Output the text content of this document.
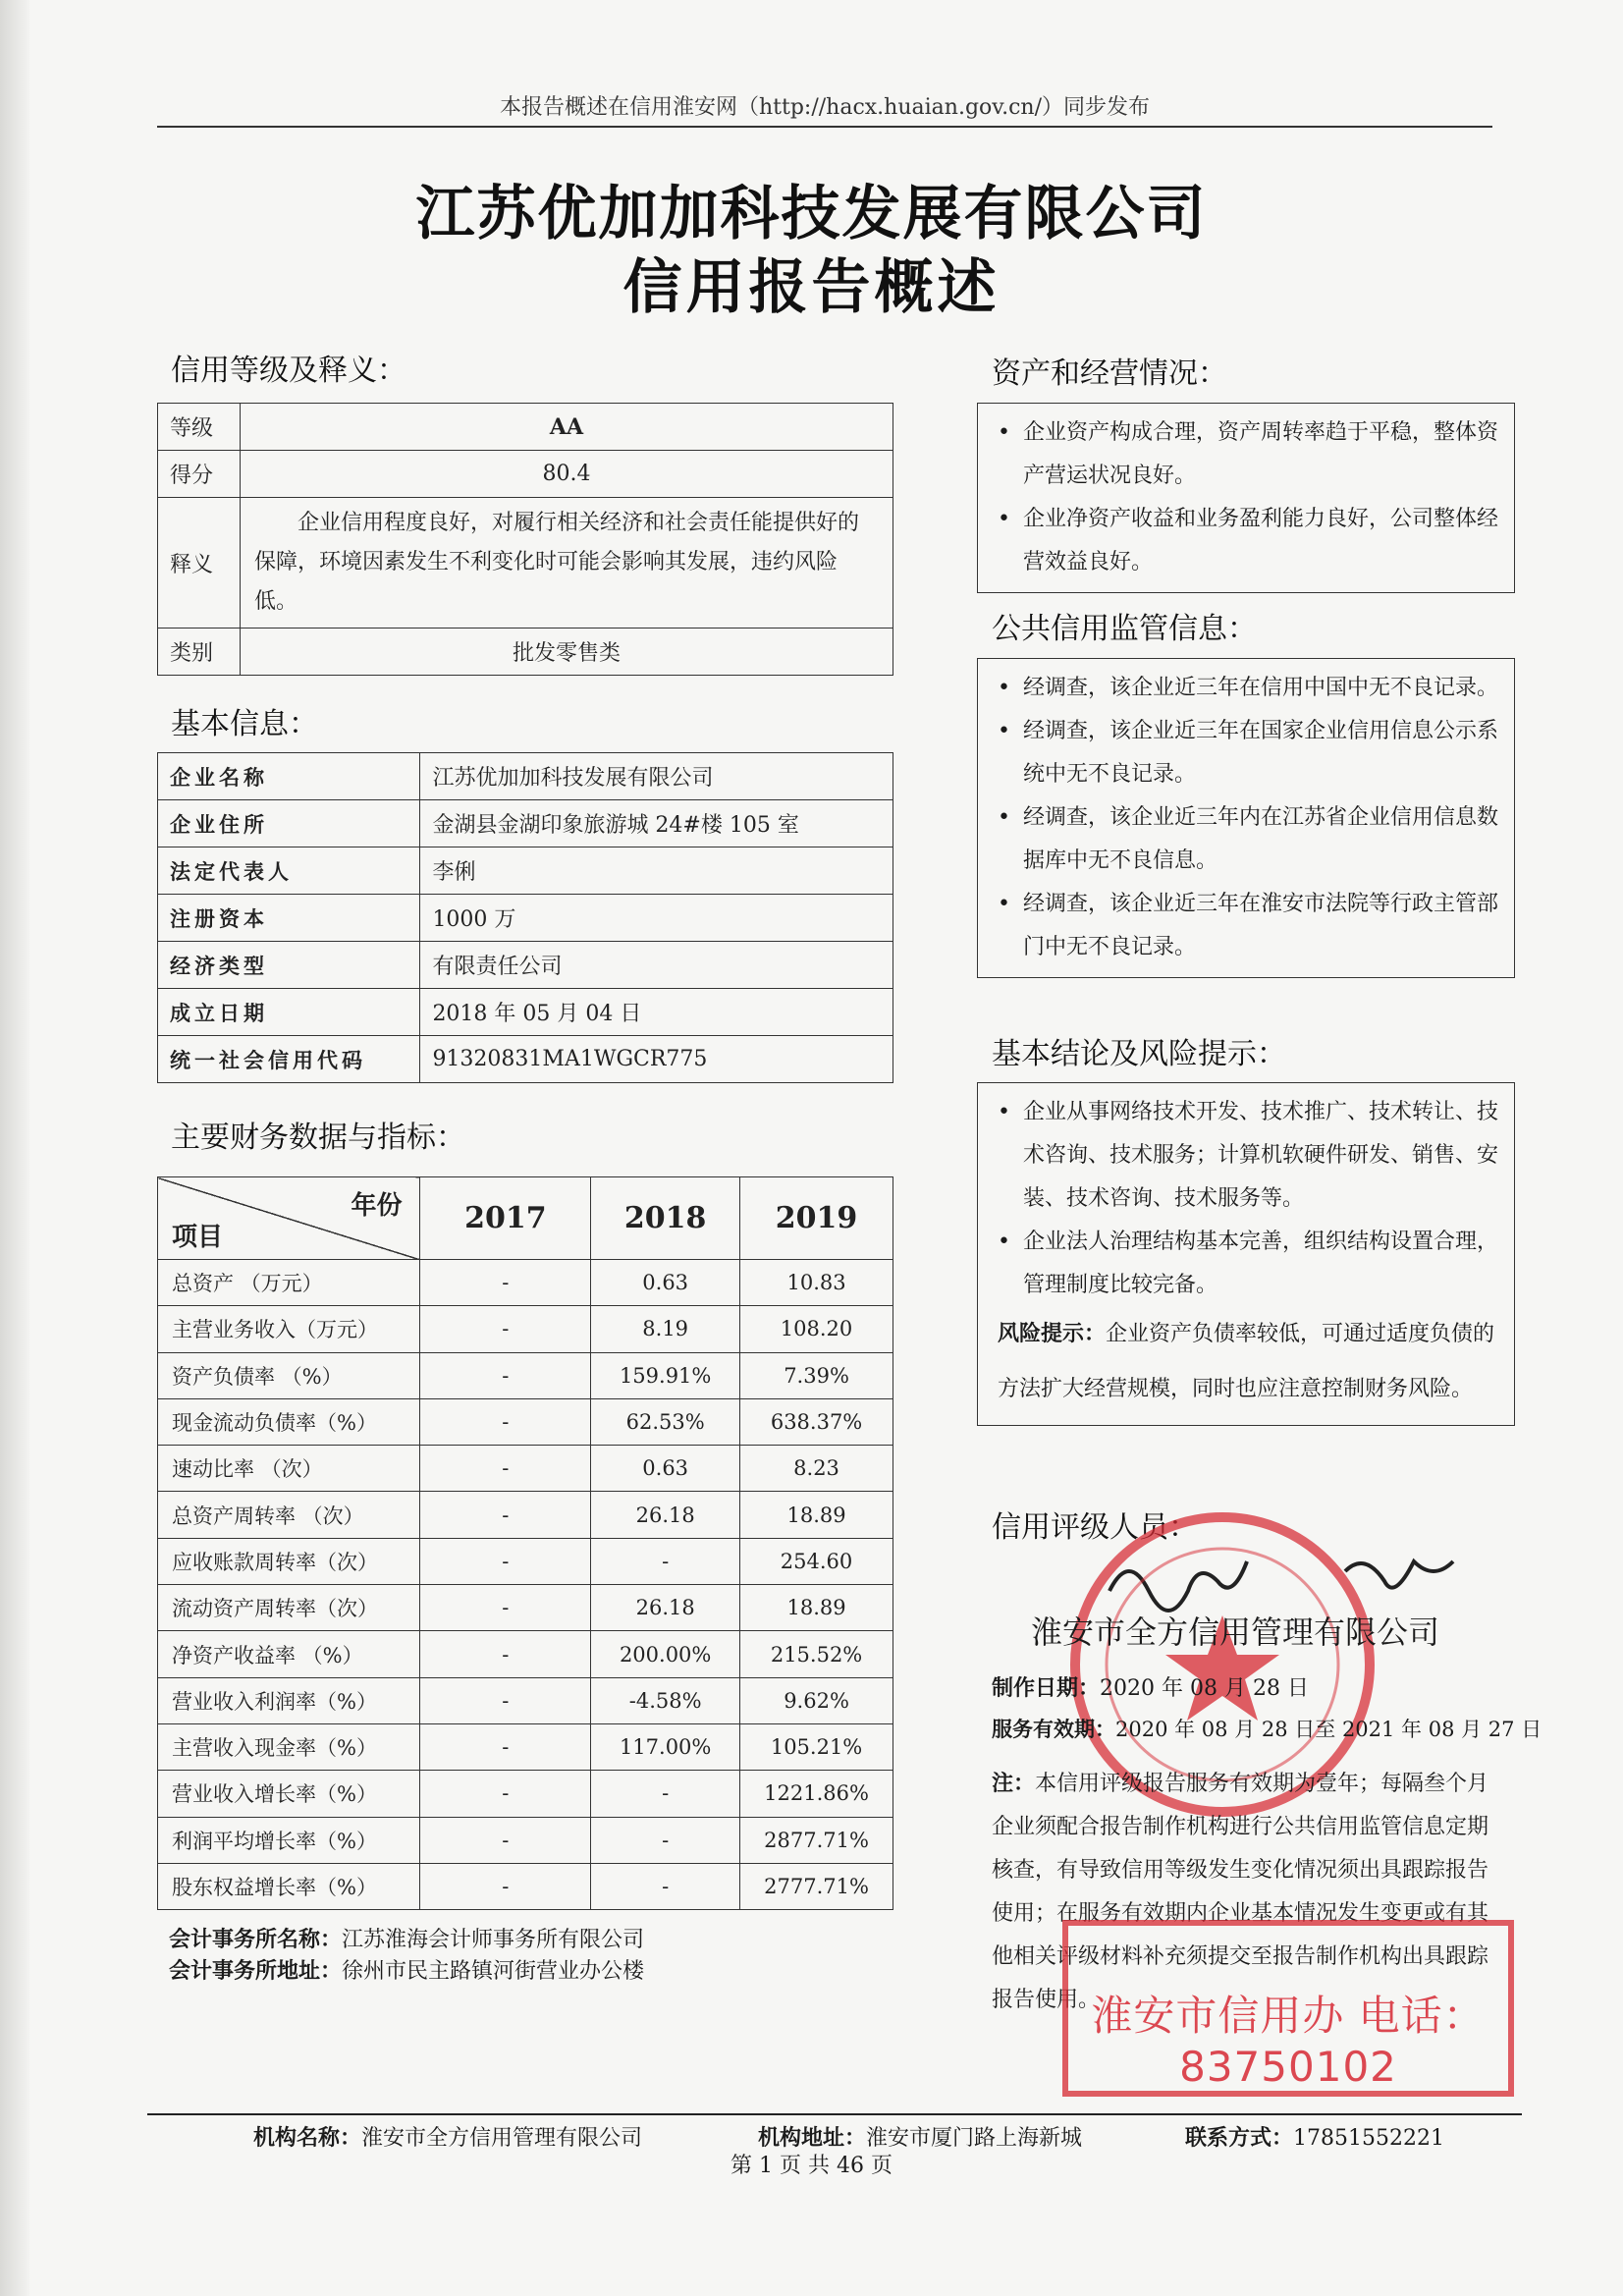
本报告概述在信用淮安网（http://hacx.huaian.gov.cn/）同步发布
江苏优加加科技发展有限公司
信用报告概述
信用等级及释义：
等级	AA
得分	80.4
释义	企业信用程度良好，对履行相关经济和社会责任能提供好的保障，环境因素发生不利变化时可能会影响其发展，违约风险低。
类别	批发零售类
基本信息：
企业名称	江苏优加加科技发展有限公司
企业住所	金湖县金湖印象旅游城 24#楼 105 室
法定代表人	李俐
注册资本	1000 万
经济类型	有限责任公司
成立日期	2018 年 05 月 04 日
统一社会信用代码	91320831MA1WGCR775
主要财务数据与指标：
年份
项目	2017	2018	2019
总资产 （万元）	-	0.63	10.83
主营业务收入（万元）	-	8.19	108.20
资产负债率 （%）	-	159.91%	7.39%
现金流动负债率（%）	-	62.53%	638.37%
速动比率 （次）	-	0.63	8.23
总资产周转率 （次）	-	26.18	18.89
应收账款周转率（次）	-	-	254.60
流动资产周转率（次）	-	26.18	18.89
净资产收益率 （%）	-	200.00%	215.52%
营业收入利润率（%）	-	-4.58%	9.62%
主营收入现金率（%）	-	117.00%	105.21%
营业收入增长率（%）	-	-	1221.86%
利润平均增长率（%）	-	-	2877.71%
股东权益增长率（%）	-	-	2777.71%
会计事务所名称：江苏淮海会计师事务所有限公司
会计事务所地址：徐州市民主路镇河街营业办公楼
资产和经营情况：
• 企业资产构成合理，资产周转率趋于平稳，整体资产营运状况良好。
• 企业净资产收益和业务盈利能力良好，公司整体经营效益良好。
公共信用监管信息：
• 经调查，该企业近三年在信用中国中无不良记录。
• 经调查，该企业近三年在国家企业信用信息公示系统中无不良记录。
• 经调查，该企业近三年内在江苏省企业信用信息数据库中无不良信息。
• 经调查，该企业近三年在淮安市法院等行政主管部门中无不良记录。
基本结论及风险提示：
• 企业从事网络技术开发、技术推广、技术转让、技术咨询、技术服务；计算机软硬件研发、销售、安装、技术咨询、技术服务等。
• 企业法人治理结构基本完善，组织结构设置合理，管理制度比较完备。
风险提示：企业资产负债率较低，可通过适度负债的方法扩大经营规模，同时也应注意控制财务风险。
信用评级人员：
淮安市全方信用管理有限公司
制作日期：2020 年 08 月 28 日
服务有效期：2020 年 08 月 28 日至 2021 年 08 月 27 日
注：本信用评级报告服务有效期为壹年；每隔叁个月企业须配合报告制作机构进行公共信用监管信息定期核查，有导致信用等级发生变化情况须出具跟踪报告使用；在服务有效期内企业基本情况发生变更或有其他相关评级材料补充须提交至报告制作机构出具跟踪报告使用。
淮安市信用办 电话：83750102
机构名称：淮安市全方信用管理有限公司	机构地址：淮安市厦门路上海新城	联系方式：17851552221
第 1 页 共 46 页
